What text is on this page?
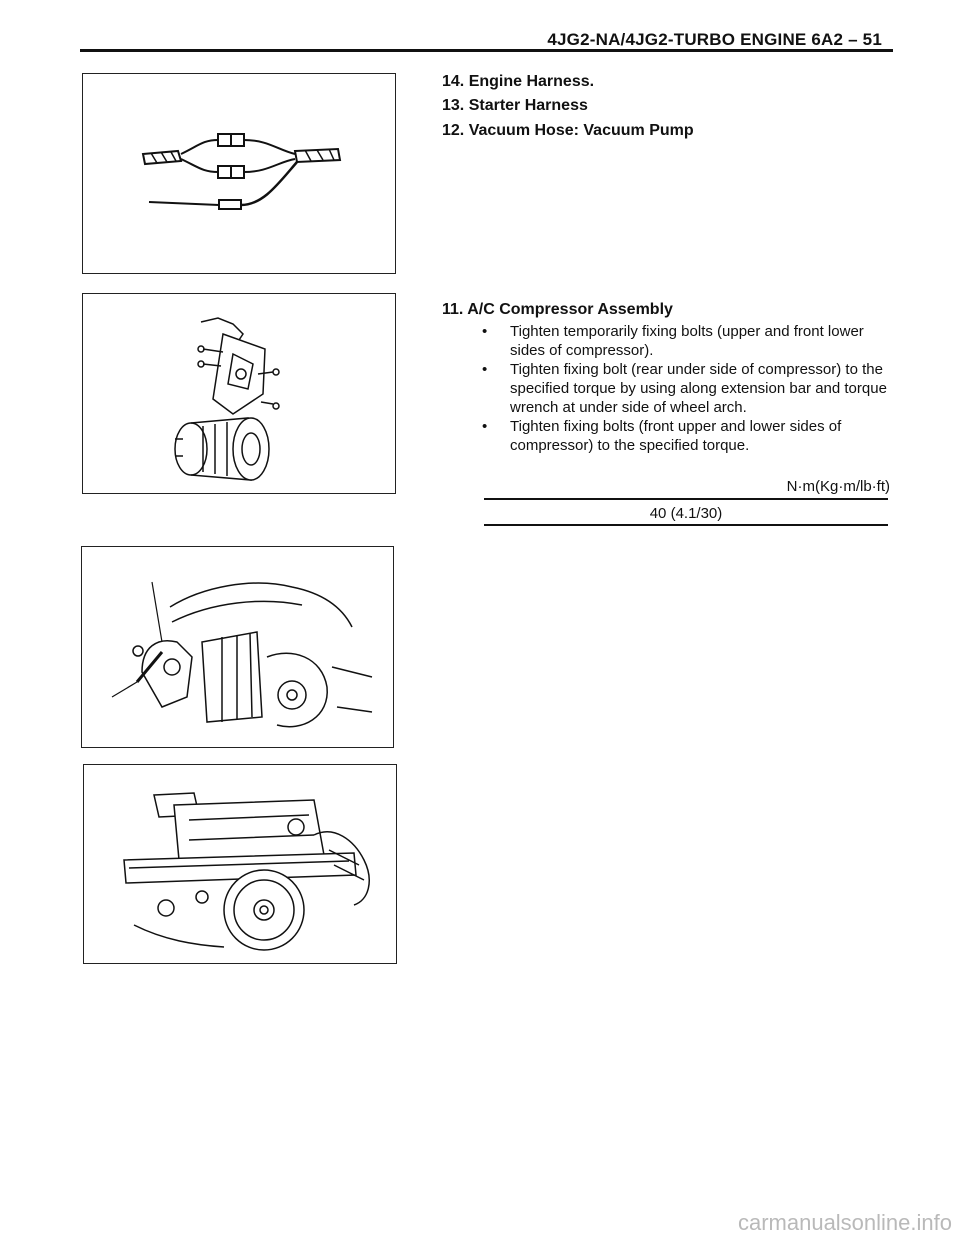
4JG2-NA/4JG2-TURBO ENGINE 6A2 – 51
14. Engine Harness.
13. Starter Harness
12. Vacuum Hose: Vacuum Pump
11. A/C Compressor Assembly
• Tighten temporarily fixing bolts (upper and front lower sides of compressor).
• Tighten fixing bolt (rear under side of compressor) to the specified torque by using along extension bar and torque wrench at under side of wheel arch.
• Tighten fixing bolts (front upper and lower sides of compressor) to the specified torque.
N·m(Kg·m/lb·ft)
40 (4.1/30)
carmanualsonline.info
